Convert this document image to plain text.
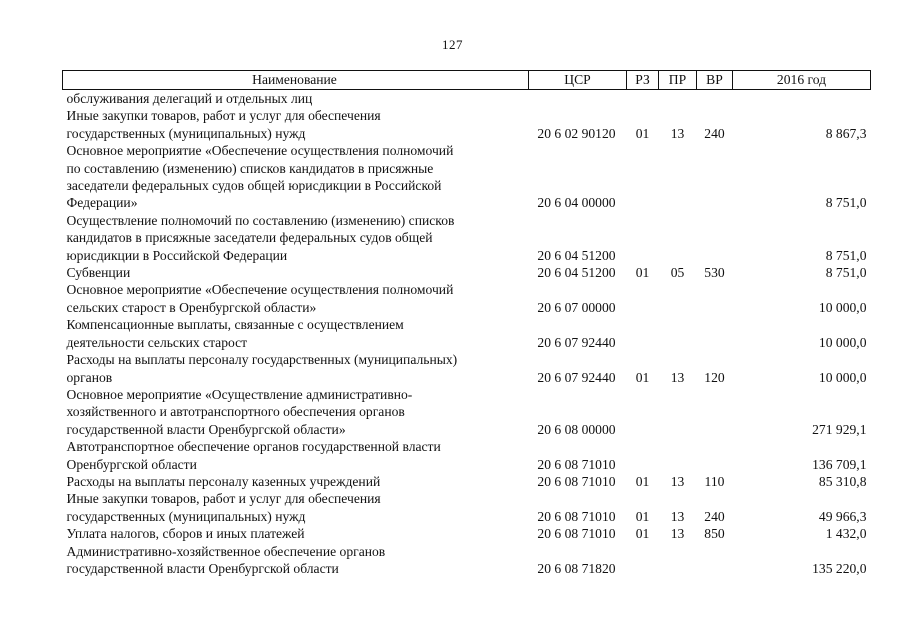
127
Наименование	ЦСР	РЗ	ПР	ВР	2016 год

обслуживания делегаций и отдельных лиц					

Иные закупки товаров, работ и услуг для обеспечения
государственных (муниципальных) нужд	20 6 02 90120	01	13	240	8 867,3

Основное мероприятие «Обеспечение осуществления полномочий
по составлению (изменению) списков кандидатов в присяжные
заседатели федеральных судов общей юрисдикции в Российской
Федерации»	20 6 04 00000				8 751,0

Осуществление полномочий по составлению (изменению) списков
кандидатов в присяжные заседатели федеральных судов общей
юрисдикции в Российской Федерации	20 6 04 51200				8 751,0

Субвенции	20 6 04 51200	01	05	530	8 751,0

Основное мероприятие «Обеспечение осуществления полномочий
сельских старост в Оренбургской области»	20 6 07 00000				10 000,0

Компенсационные выплаты, связанные с осуществлением
деятельности сельских старост	20 6 07 92440				10 000,0

Расходы на выплаты персоналу государственных (муниципальных)
органов	20 6 07 92440	01	13	120	10 000,0

Основное мероприятие «Осуществление административно-
хозяйственного и автотранспортного обеспечения органов
государственной власти Оренбургской области»	20 6 08 00000				271 929,1

Автотранспортное обеспечение органов государственной власти
Оренбургской области	20 6 08 71010				136 709,1

Расходы на выплаты персоналу казенных учреждений	20 6 08 71010	01	13	110	85 310,8

Иные закупки товаров, работ и услуг для обеспечения
государственных (муниципальных) нужд	20 6 08 71010	01	13	240	49 966,3

Уплата налогов, сборов и иных платежей	20 6 08 71010	01	13	850	1 432,0

Административно-хозяйственное обеспечение органов
государственной власти Оренбургской области	20 6 08 71820				135 220,0
